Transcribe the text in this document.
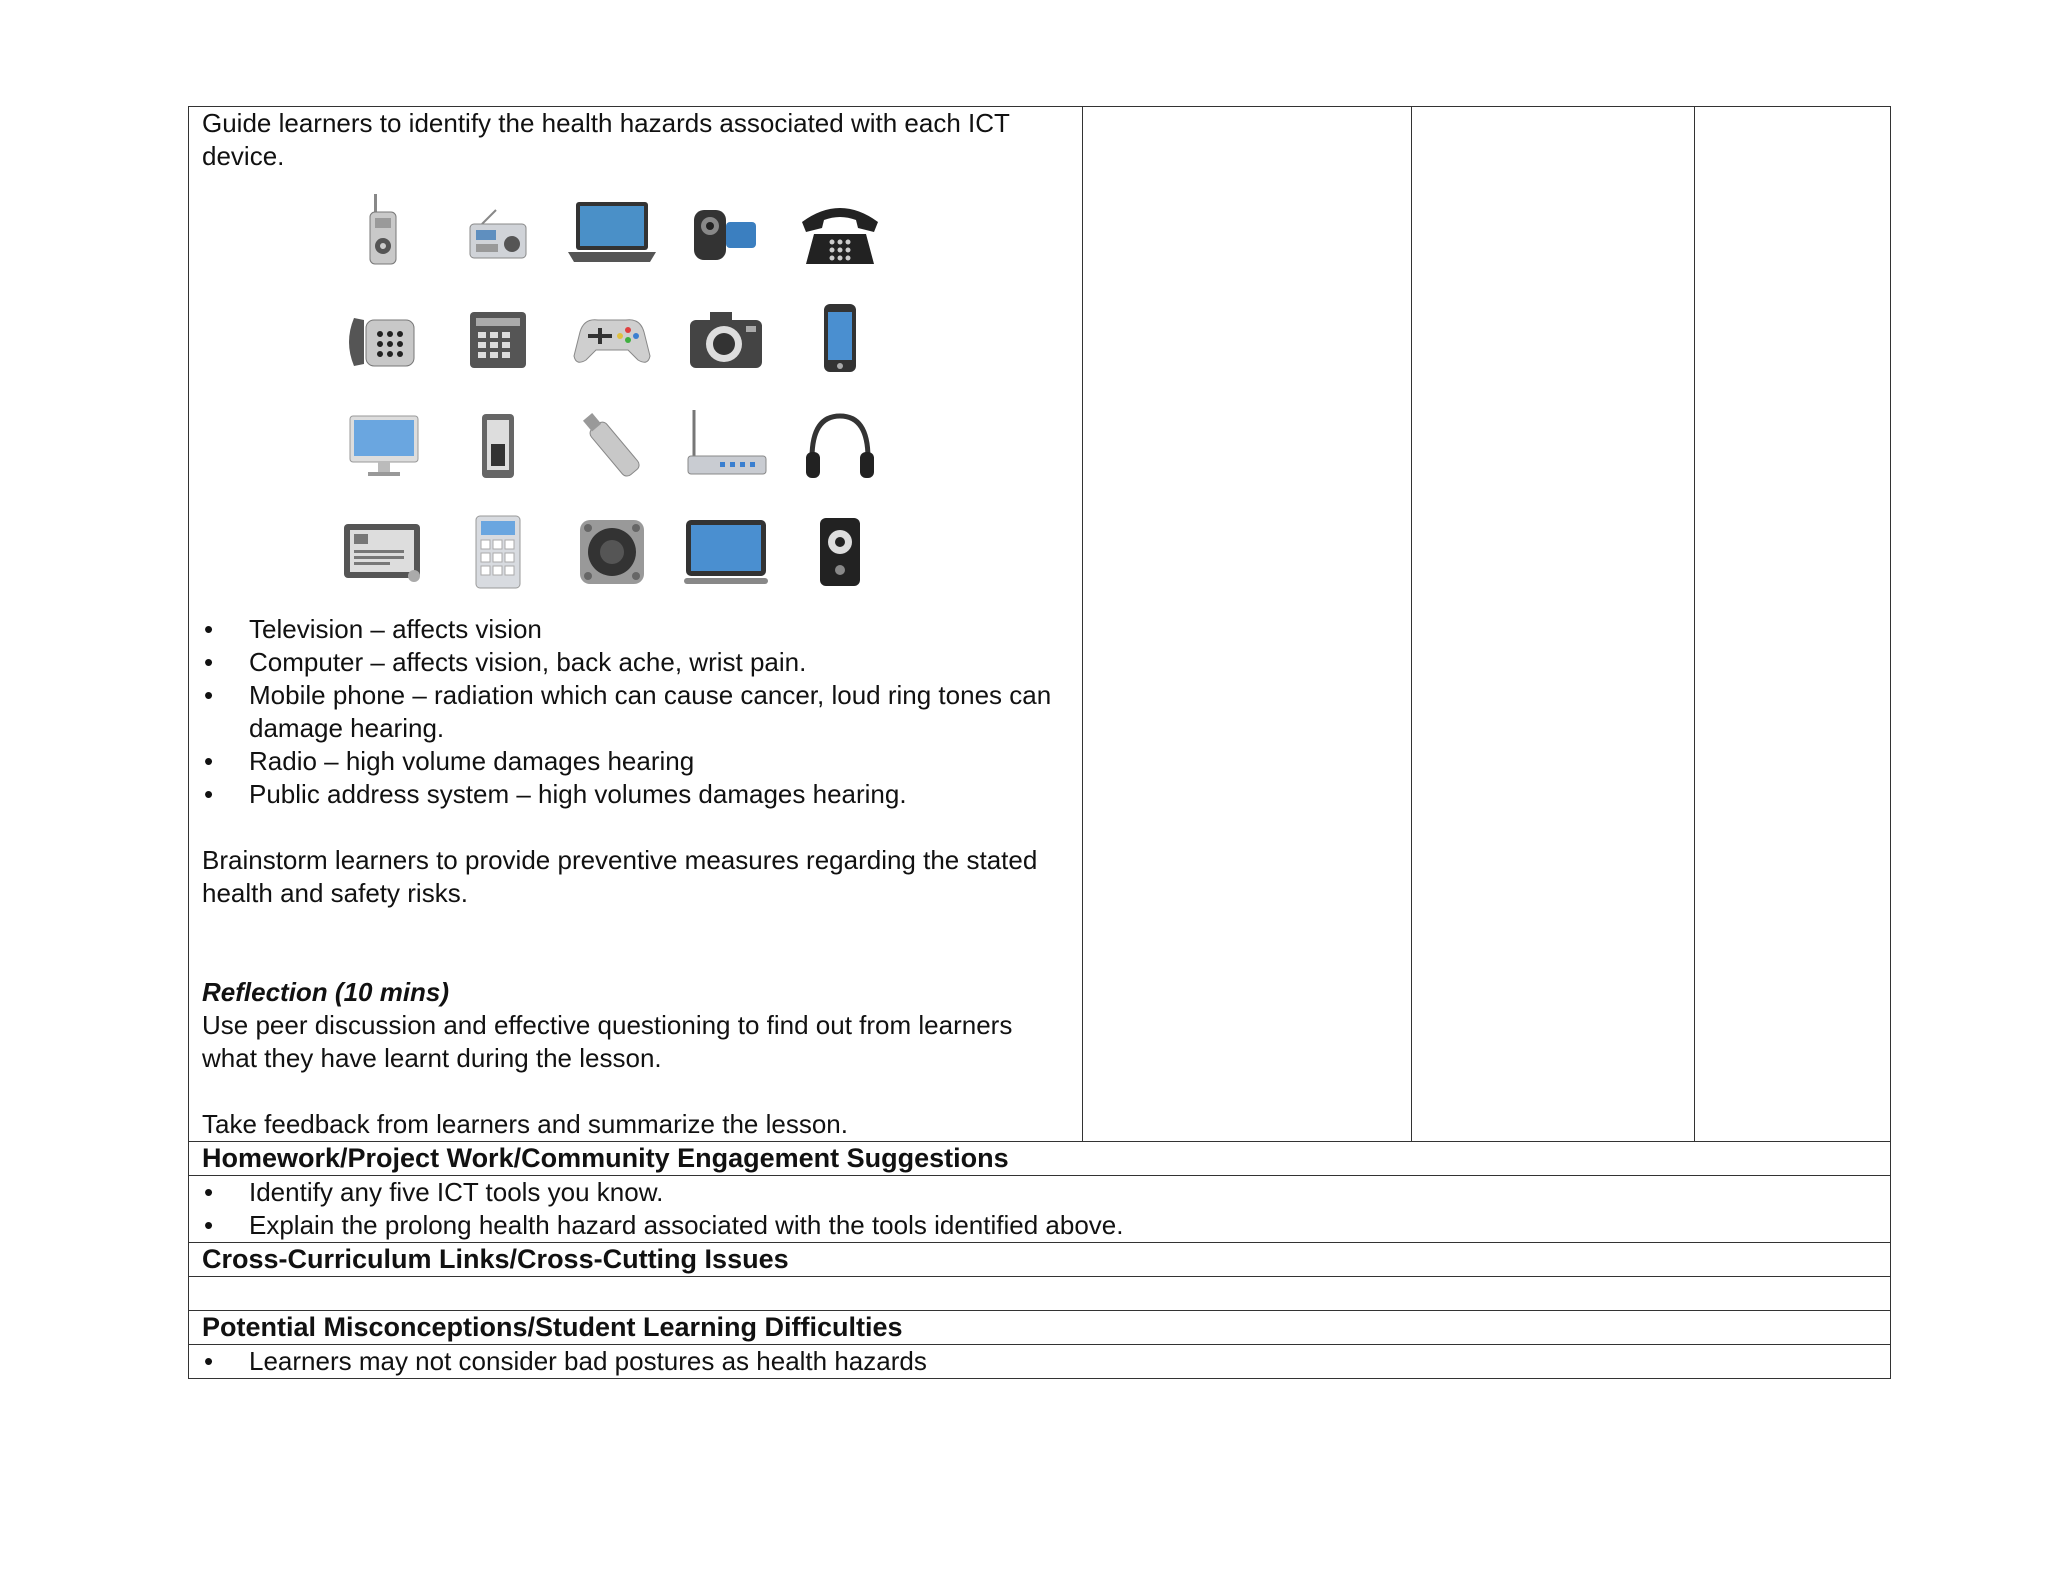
Guide learners to identify the health hazards associated with each ICT device.

• Television – affects vision
• Computer – affects vision, back ache, wrist pain.
• Mobile phone – radiation which can cause cancer, loud ring tones can damage hearing.
• Radio – high volume damages hearing
• Public address system – high volumes damages hearing.

Brainstorm learners to provide preventive measures regarding the stated health and safety risks.

Reflection (10 mins)

Use peer discussion and effective questioning to find out from learners what they have learnt during the lesson.

Take feedback from learners and summarize the lesson.

Homework/Project Work/Community Engagement Suggestions

• Identify any five ICT tools you know.
• Explain the prolong health hazard associated with the tools identified above.

Cross-Curriculum Links/Cross-Cutting Issues

Potential Misconceptions/Student Learning Difficulties

• Learners may not consider bad postures as health hazards
